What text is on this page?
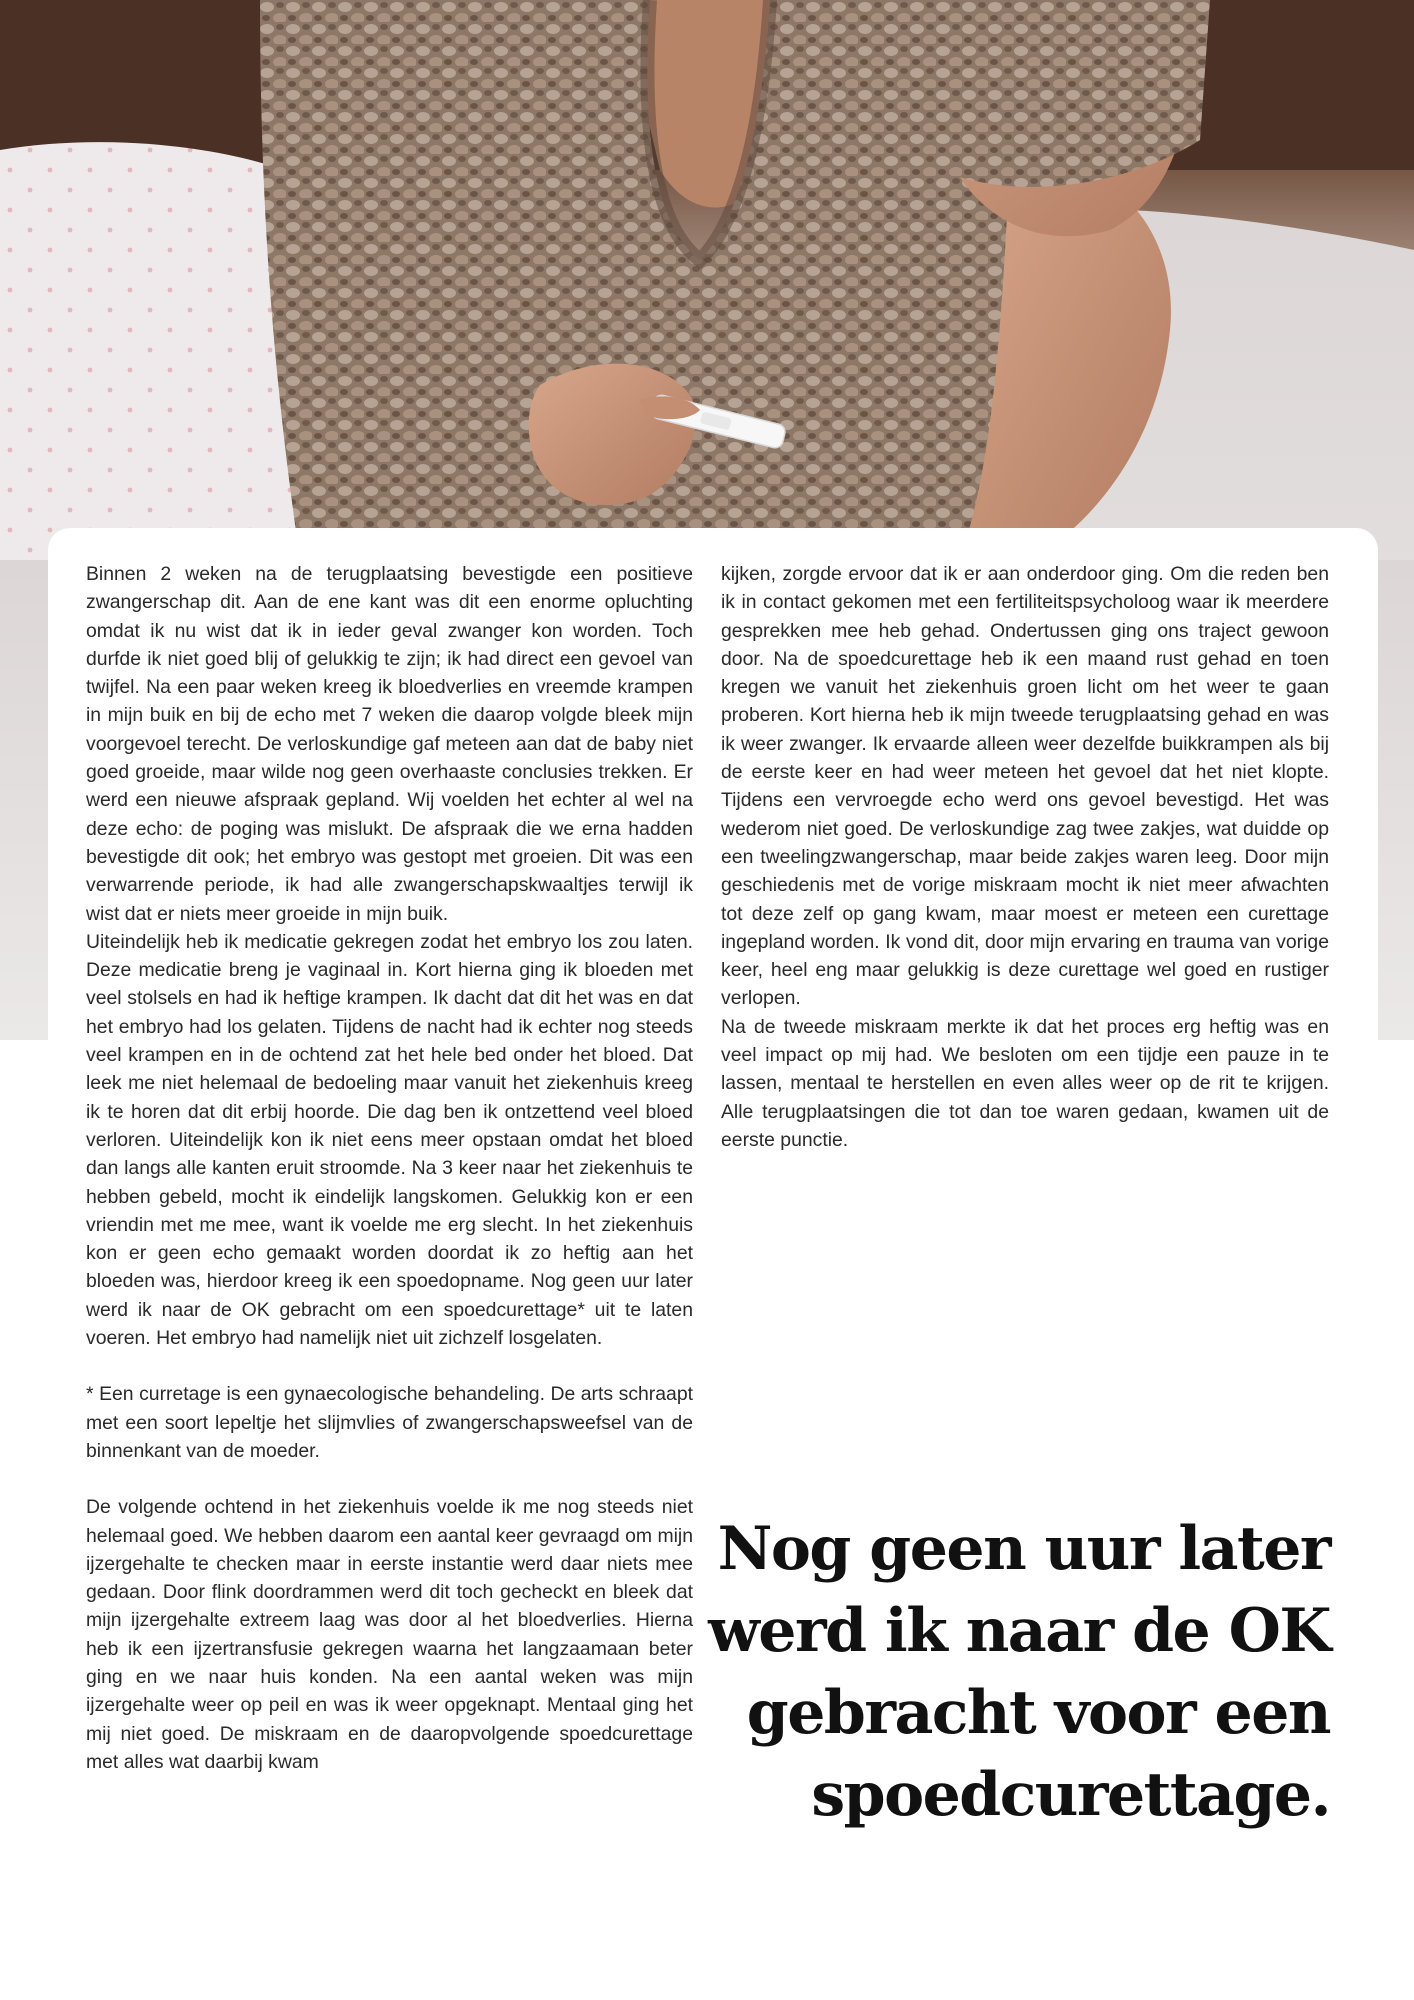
Binnen 2 weken na de terugplaatsing bevestigde een positieve zwangerschap dit. Aan de ene kant was dit een enorme opluchting omdat ik nu wist dat ik in ieder geval zwanger kon worden. Toch durfde ik niet goed blij of gelukkig te zijn; ik had direct een gevoel van twijfel. Na een paar weken kreeg ik bloedverlies en vreemde krampen in mijn buik en bij de echo met 7 weken die daarop volgde bleek mijn voorgevoel terecht. De verloskundige gaf meteen aan dat de baby niet goed groeide, maar wilde nog geen overhaaste conclusies trekken. Er werd een nieuwe afspraak gepland. Wij voelden het echter al wel na deze echo: de poging was mislukt. De afspraak die we erna hadden bevestigde dit ook; het embryo was gestopt met groeien. Dit was een verwarrende periode, ik had alle zwangerschapskwaaltjes terwijl ik wist dat er niets meer groeide in mijn buik.

Uiteindelijk heb ik medicatie gekregen zodat het embryo los zou laten. Deze medicatie breng je vaginaal in. Kort hierna ging ik bloeden met veel stolsels en had ik heftige krampen. Ik dacht dat dit het was en dat het embryo had los gelaten. Tijdens de nacht had ik echter nog steeds veel krampen en in de ochtend zat het hele bed onder het bloed. Dat leek me niet helemaal de bedoeling maar vanuit het ziekenhuis kreeg ik te horen dat dit erbij hoorde. Die dag ben ik ontzettend veel bloed verloren. Uiteindelijk kon ik niet eens meer opstaan omdat het bloed dan langs alle kanten eruit stroomde. Na 3 keer naar het ziekenhuis te hebben gebeld, mocht ik eindelijk langskomen. Gelukkig kon er een vriendin met me mee, want ik voelde me erg slecht. In het ziekenhuis kon er geen echo gemaakt worden doordat ik zo heftig aan het bloeden was, hierdoor kreeg ik een spoedopname. Nog geen uur later werd ik naar de OK gebracht om een spoedcurettage* uit te laten voeren. Het embryo had namelijk niet uit zichzelf losgelaten.

* Een curretage is een gynaecologische behandeling. De arts schraapt met een soort lepeltje het slijmvlies of zwangerschapsweefsel van de binnenkant van de moeder.

De volgende ochtend in het ziekenhuis voelde ik me nog steeds niet helemaal goed. We hebben daarom een aantal keer gevraagd om mijn ijzergehalte te checken maar in eerste instantie werd daar niets mee gedaan. Door flink doordrammen werd dit toch gecheckt en bleek dat mijn ijzergehalte extreem laag was door al het bloedverlies. Hierna heb ik een ijzertransfusie gekregen waarna het langzaamaan beter ging en we naar huis konden. Na een aantal weken was mijn ijzergehalte weer op peil en was ik weer opgeknapt. Mentaal ging het mij niet goed. De miskraam en de daaropvolgende spoedcurettage met alles wat daarbij kwam

kijken, zorgde ervoor dat ik er aan onderdoor ging. Om die reden ben ik in contact gekomen met een fertiliteitspsycholoog waar ik meerdere gesprekken mee heb gehad. Ondertussen ging ons traject gewoon door. Na de spoedcurettage heb ik een maand rust gehad en toen kregen we vanuit het ziekenhuis groen licht om het weer te gaan proberen. Kort hierna heb ik mijn tweede terugplaatsing gehad en was ik weer zwanger. Ik ervaarde alleen weer dezelfde buikkrampen als bij de eerste keer en had weer meteen het gevoel dat het niet klopte. Tijdens een vervroegde echo werd ons gevoel bevestigd. Het was wederom niet goed. De verloskundige zag twee zakjes, wat duidde op een tweelingzwangerschap, maar beide zakjes waren leeg. Door mijn geschiedenis met de vorige miskraam mocht ik niet meer afwachten tot deze zelf op gang kwam, maar moest er meteen een curettage ingepland worden. Ik vond dit, door mijn ervaring en trauma van vorige keer, heel eng maar gelukkig is deze curettage wel goed en rustiger verlopen.

Na de tweede miskraam merkte ik dat het proces erg heftig was en veel impact op mij had. We besloten om een tijdje een pauze in te lassen, mentaal te herstellen en even alles weer op de rit te krijgen. Alle terugplaatsingen die tot dan toe waren gedaan, kwamen uit de eerste punctie.

Nog geen uur later werd ik naar de OK gebracht voor een spoedcurettage.
